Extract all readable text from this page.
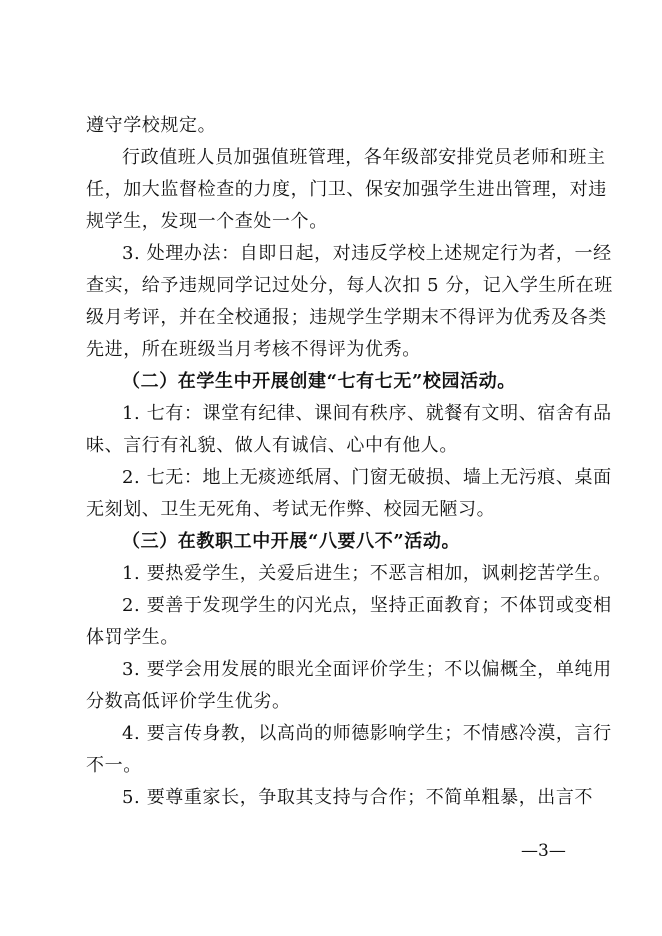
遵守学校规定。
行政值班人员加强值班管理，各年级部安排党员老师和班主
任，加大监督检查的力度，门卫、保安加强学生进出管理，对违
规学生，发现一个查处一个。
3. 处理办法：自即日起，对违反学校上述规定行为者，一经
查实，给予违规同学记过处分，每人次扣 5 分，记入学生所在班
级月考评，并在全校通报；违规学生学期末不得评为优秀及各类
先进，所在班级当月考核不得评为优秀。
（二）在学生中开展创建“七有七无”校园活动。
1. 七有：课堂有纪律、课间有秩序、就餐有文明、宿舍有品
味、言行有礼貌、做人有诚信、心中有他人。
2. 七无：地上无痰迹纸屑、门窗无破损、墙上无污痕、桌面
无刻划、卫生无死角、考试无作弊、校园无陋习。
（三）在教职工中开展“八要八不”活动。
1. 要热爱学生，关爱后进生；不恶言相加，讽刺挖苦学生。
2. 要善于发现学生的闪光点，坚持正面教育；不体罚或变相
体罚学生。
3. 要学会用发展的眼光全面评价学生；不以偏概全，单纯用
分数高低评价学生优劣。
4. 要言传身教，以高尚的师德影响学生；不情感冷漠，言行
不一。
5. 要尊重家长，争取其支持与合作；不简单粗暴，出言不
—3—
